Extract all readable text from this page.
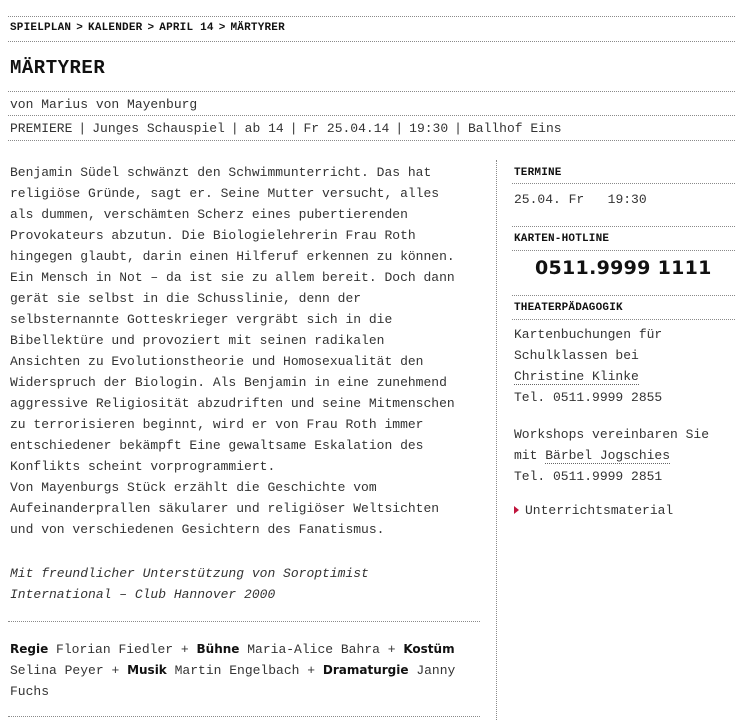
SPIELPLAN > KALENDER > APRIL 14 > MÄRTYRER
MÄRTYRER
von Marius von Mayenburg
PREMIERE | Junges Schauspiel | ab 14 | Fr 25.04.14 | 19:30 | Ballhof Eins

Benjamin Südel schwänzt den Schwimmunterricht. Das hat

religiöse Gründe, sagt er. Seine Mutter versucht, alles

als dummen, verschämten Scherz eines pubertierenden

Provokateurs abzutun. Die Biologielehrerin Frau Roth

hingegen glaubt, darin einen Hilferuf erkennen zu können.

Ein Mensch in Not – da ist sie zu allem bereit. Doch dann

gerät sie selbst in die Schusslinie, denn der

selbsternannte Gotteskrieger vergräbt sich in die

Bibellektüre und provoziert mit seinen radikalen

Ansichten zu Evolutionstheorie und Homosexualität den

Widerspruch der Biologin. Als Benjamin in eine zunehmend

aggressive Religiosität abzudriften und seine Mitmenschen

zu terrorisieren beginnt, wird er von Frau Roth immer

entschiedener bekämpft Eine gewaltsame Eskalation des

Konflikts scheint vorprogrammiert.

Von Mayenburgs Stück erzählt die Geschichte vom

Aufeinanderprallen säkularer und religiöser Weltsichten

und von verschiedenen Gesichtern des Fanatismus.

Mit freundlicher Unterstützung von Soroptimist
International – Club Hannover 2000
Regie Florian Fiedler + Bühne Maria-Alice Bahra + Kostüm
Selina Peyer + Musik Martin Engelbach + Dramaturgie Janny Fuchs
TERMINE
25.04. Fr 19:30
KARTEN-HOTLINE
0511.9999 1111
THEATERPÄDAGOGIK
Kartenbuchungen für
Schulklassen bei
Christine Klinke
Tel. 0511.9999 2855
Workshops vereinbaren Sie
mit Bärbel Jogschies
Tel. 0511.9999 2851
Unterrichtsmaterial
